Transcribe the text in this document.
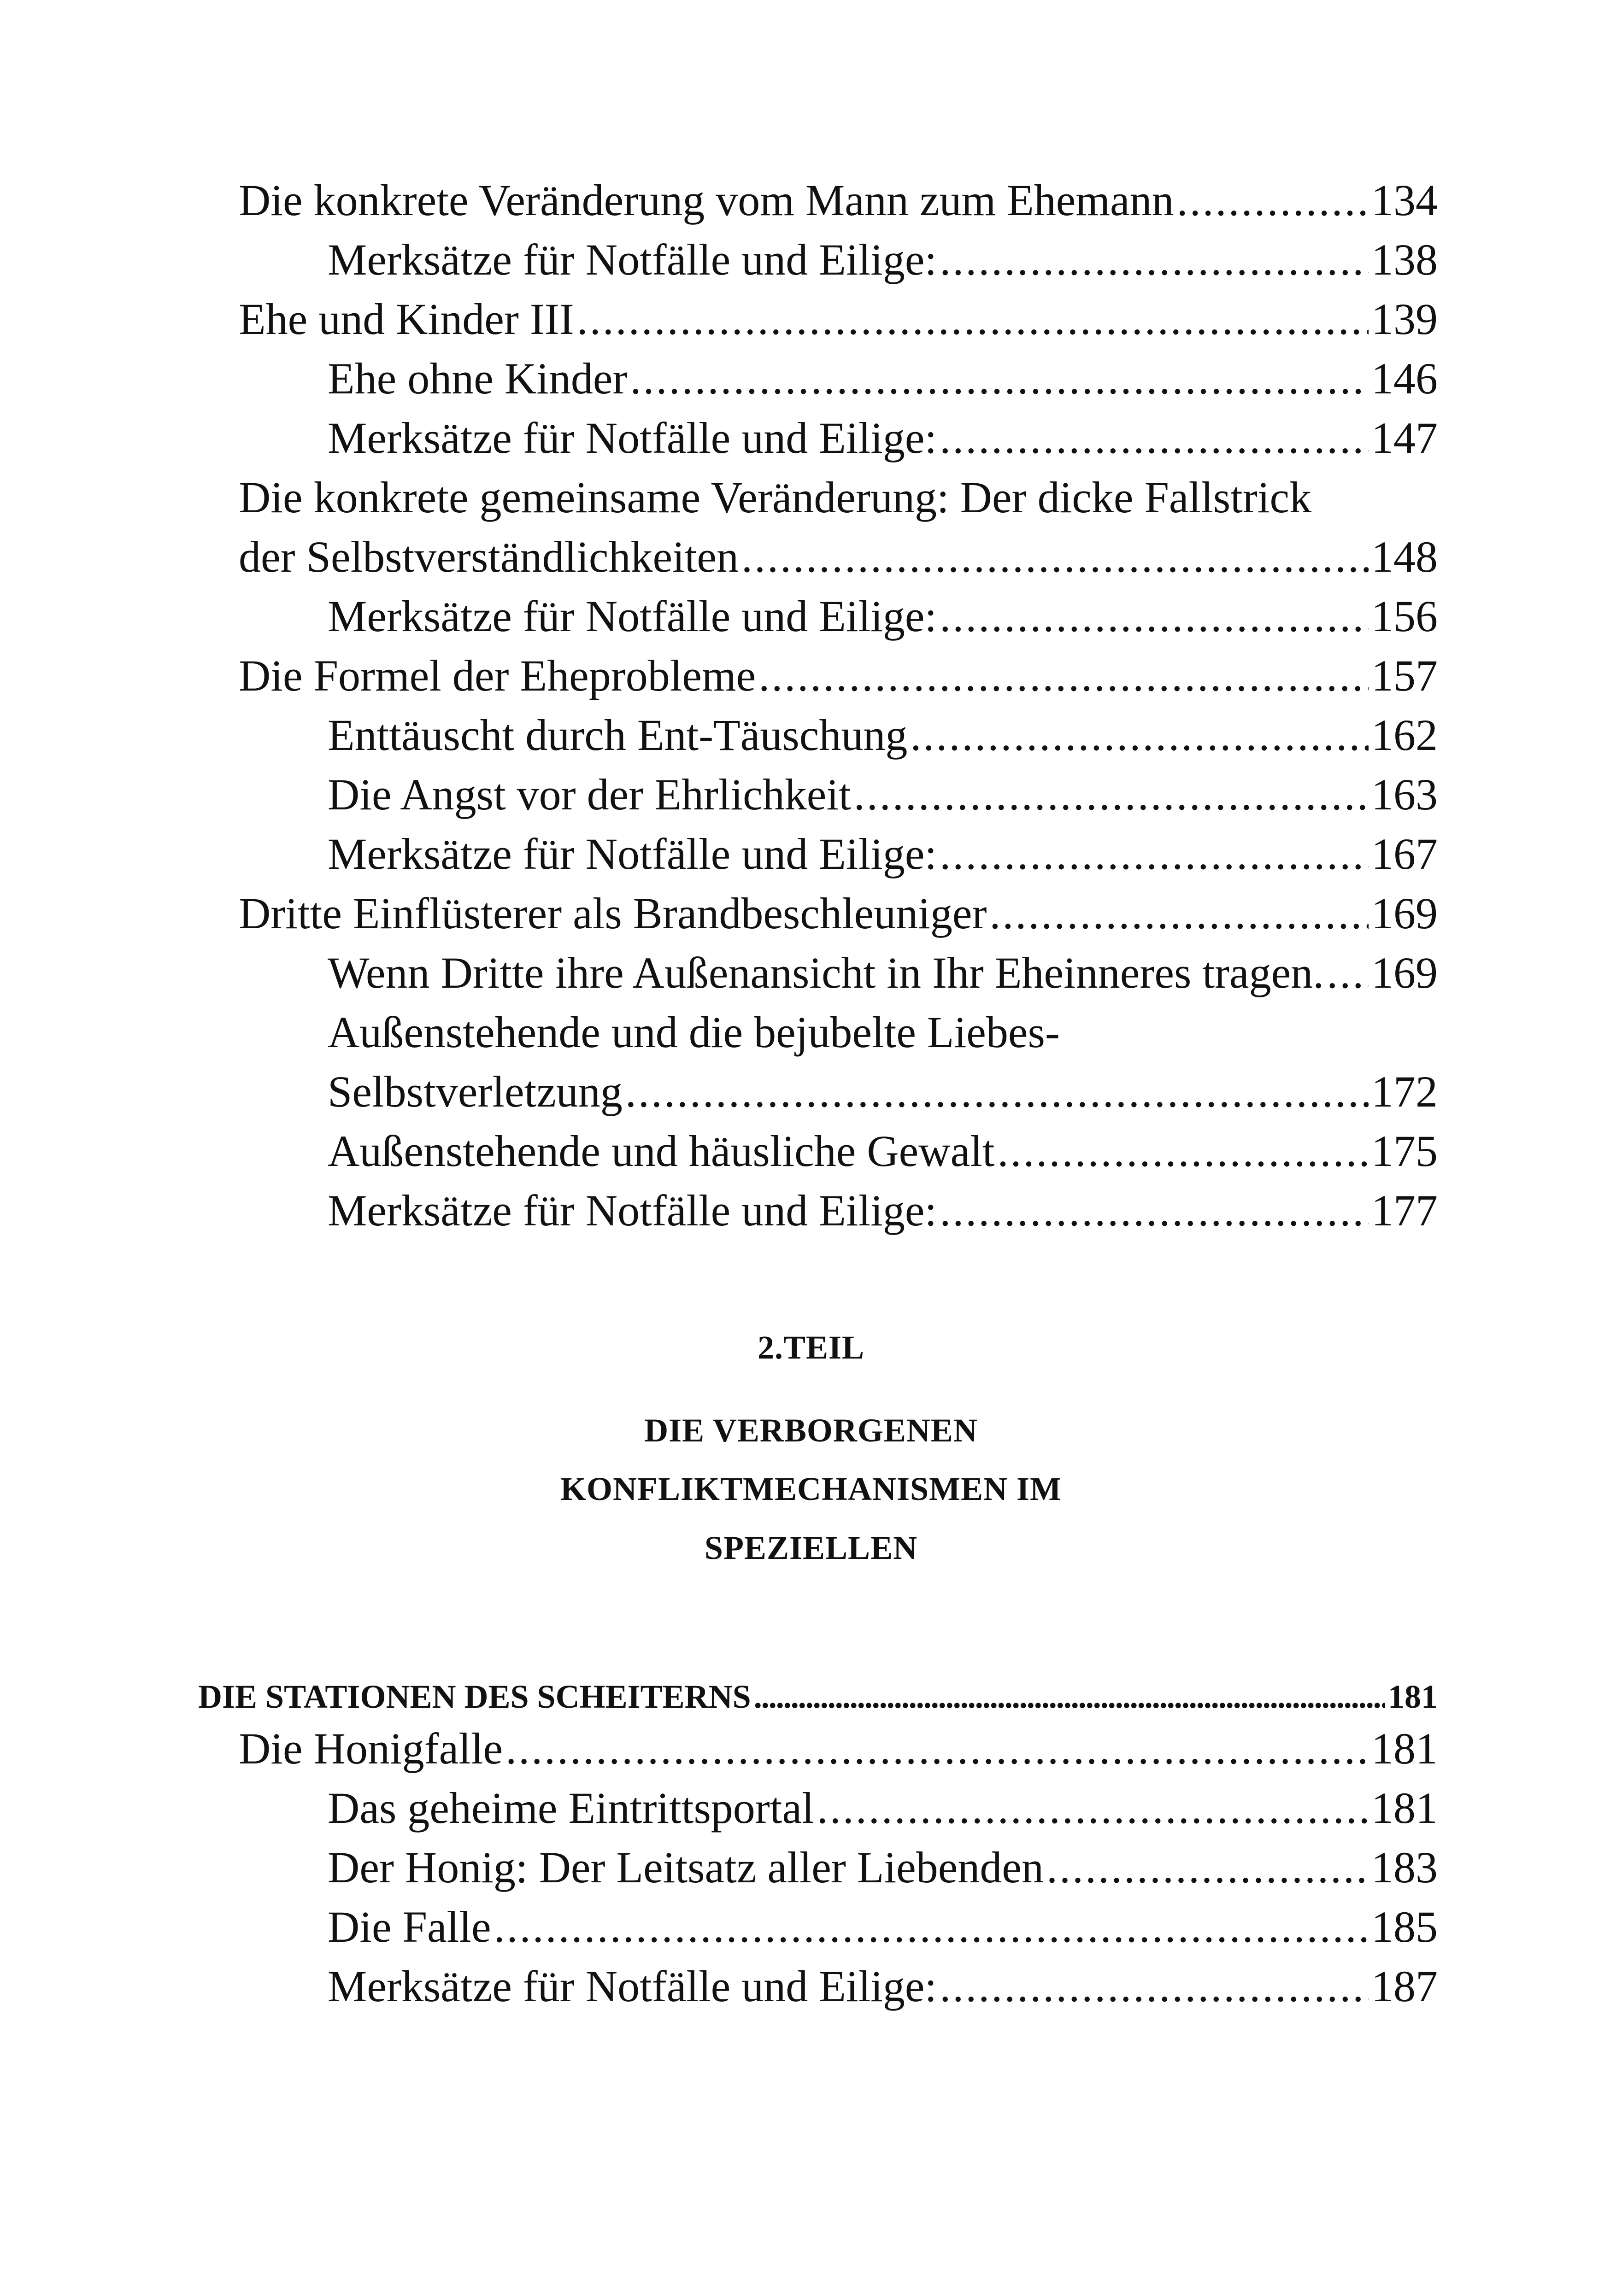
Die konkrete Veränderung vom Mann zum Ehemann . . .	134
Merksätze für Notfälle und Eilige: . . .	138
Ehe und Kinder III . . .	139
Ehe ohne Kinder . . .	146
Merksätze für Notfälle und Eilige: . . .	147
Die konkrete gemeinsame Veränderung: Der dicke Fallstrick
der Selbstverständlichkeiten . . .	148
Merksätze für Notfälle und Eilige: . . .	156
Die Formel der Eheprobleme . . .	157
Enttäuscht durch Ent-Täuschung . . .	162
Die Angst vor der Ehrlichkeit . . .	163
Merksätze für Notfälle und Eilige: . . .	167
Dritte Einflüsterer als Brandbeschleuniger . . .	169
Wenn Dritte ihre Außenansicht in Ihr Eheinneres tragen. . . . 169
Außenstehende und die bejubelte Liebes-
Selbstverletzung . . .	172
Außenstehende und häusliche Gewalt . . .	175
Merksätze für Notfälle und Eilige: . . .	177
2.TEIL
DIE VERBORGENEN
KONFLIKTMECHANISMEN IM
SPEZIELLEN
DIE STATIONEN DES SCHEITERNS . . .	181
Die Honigfalle . . .	181
Das geheime Eintrittsportal . . .	181
Der Honig: Der Leitsatz aller Liebenden . . .	183
Die Falle . . .	185
Merksätze für Notfälle und Eilige: . . .	187
